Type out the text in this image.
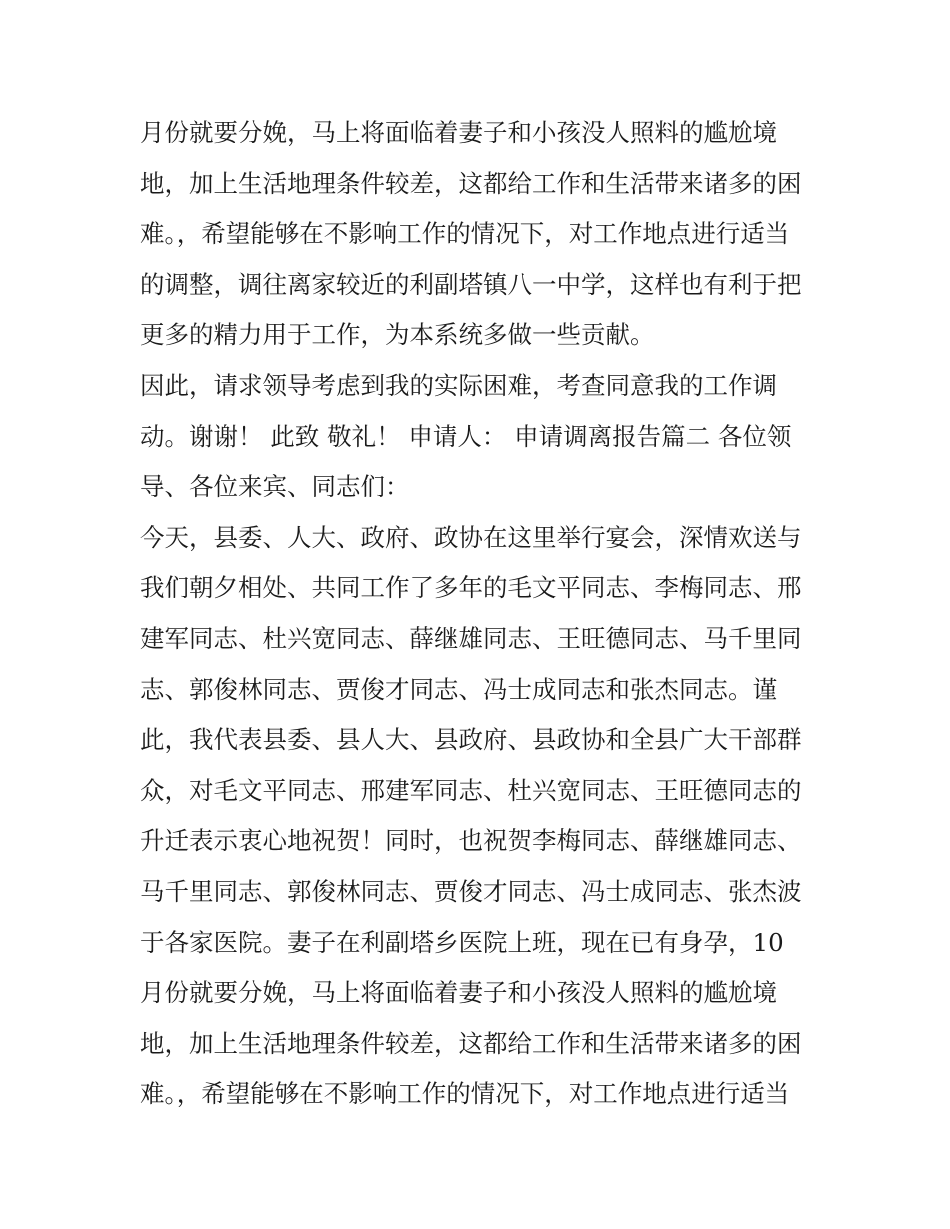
月份就要分娩，马上将面临着妻子和小孩没人照料的尴尬境
地，加上生活地理条件较差，这都给工作和生活带来诸多的困
难。，希望能够在不影响工作的情况下，对工作地点进行适当
的调整，调往离家较近的利副塔镇八一中学，这样也有利于把
更多的精力用于工作，为本系统多做一些贡献。
因此，请求领导考虑到我的实际困难，考查同意我的工作调
动。谢谢！ 此致 敬礼！ 申请人： 申请调离报告篇二 各位领
导、各位来宾、同志们：
今天，县委、人大、政府、政协在这里举行宴会，深情欢送与
我们朝夕相处、共同工作了多年的毛文平同志、李梅同志、邢
建军同志、杜兴宽同志、薛继雄同志、王旺德同志、马千里同
志、郭俊林同志、贾俊才同志、冯士成同志和张杰同志。谨
此，我代表县委、县人大、县政府、县政协和全县广大干部群
众，对毛文平同志、邢建军同志、杜兴宽同志、王旺德同志的
升迁表示衷心地祝贺！同时，也祝贺李梅同志、薛继雄同志、
马千里同志、郭俊林同志、贾俊才同志、冯士成同志、张杰波
于各家医院。妻子在利副塔乡医院上班，现在已有身孕，10
月份就要分娩，马上将面临着妻子和小孩没人照料的尴尬境
地，加上生活地理条件较差，这都给工作和生活带来诸多的困
难。，希望能够在不影响工作的情况下，对工作地点进行适当
